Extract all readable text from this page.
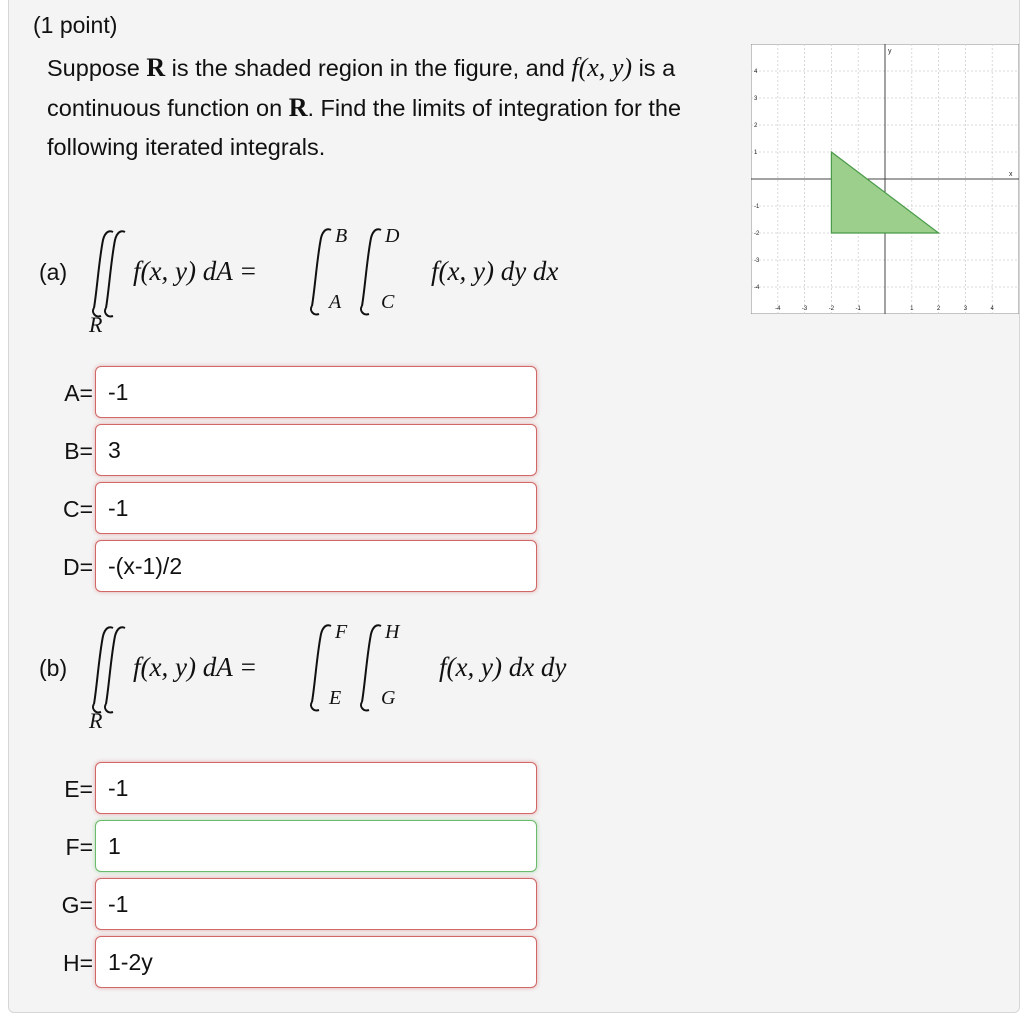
(1 point)
Suppose R is the shaded region in the figure, and f(x, y) is a continuous function on R. Find the limits of integration for the following iterated integrals.
(a)
R
f(x, y) dA =
B
A
D
C
f(x, y) dy dx
(b)
R
f(x, y) dA =
F
E
H
G
f(x, y) dx dy
A=
-1
B=
3
C=
-1
D=
-(x-1)/2
E=
-1
F=
1
G=
-1
H=
1-2y
-4	-3	-2	-1	1	2	3	4
4
3
2
1
-1
-2
-3
-4
x
y
